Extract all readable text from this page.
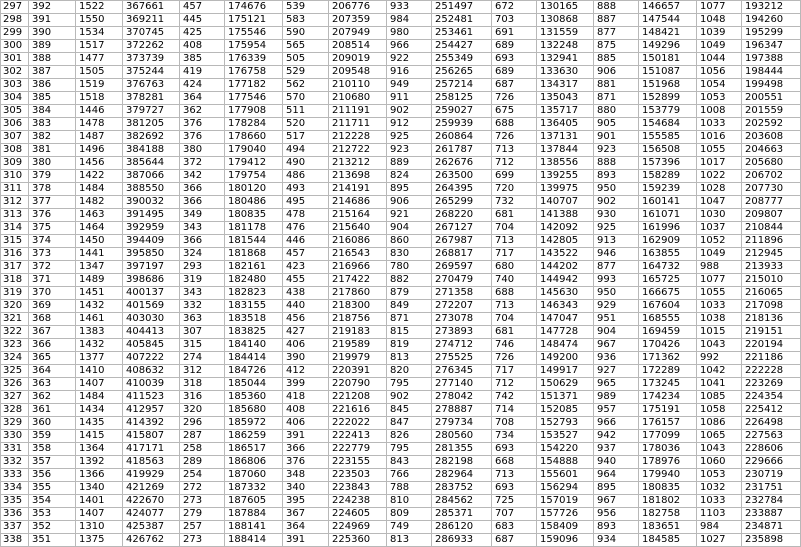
297	392	1522	367661	457	174676	539	206776	933	251497	672	130165	888	146657	1077	193212
298	391	1550	369211	445	175121	583	207359	984	252481	703	130868	887	147544	1048	194260
299	390	1534	370745	425	175546	590	207949	980	253461	691	131559	877	148421	1039	195299
300	389	1517	372262	408	175954	565	208514	966	254427	689	132248	875	149296	1049	196347
301	388	1477	373739	385	176339	505	209019	922	255349	693	132941	885	150181	1044	197388
302	387	1505	375244	419	176758	529	209548	916	256265	689	133630	906	151087	1056	198444
303	386	1519	376763	424	177182	562	210110	949	257214	687	134317	881	151968	1054	199498
304	385	1518	378281	364	177546	570	210680	911	258125	726	135043	871	152899	1053	200551
305	384	1446	379727	362	177908	511	211191	902	259027	675	135717	880	153779	1008	201559
306	383	1478	381205	376	178284	520	211711	912	259939	688	136405	905	154684	1033	202592
307	382	1487	382692	376	178660	517	212228	925	260864	726	137131	901	155585	1016	203608
308	381	1496	384188	380	179040	494	212722	923	261787	713	137844	923	156508	1055	204663
309	380	1456	385644	372	179412	490	213212	889	262676	712	138556	888	157396	1017	205680
310	379	1422	387066	342	179754	486	213698	824	263500	699	139255	893	158289	1022	206702
311	378	1484	388550	366	180120	493	214191	895	264395	720	139975	950	159239	1028	207730
312	377	1482	390032	366	180486	495	214686	906	265299	732	140707	902	160141	1047	208777
313	376	1463	391495	349	180835	478	215164	921	268220	681	141388	930	161071	1030	209807
314	375	1464	392959	343	181178	476	215640	904	267127	704	142092	925	161996	1037	210844
315	374	1450	394409	366	181544	446	216086	860	267987	713	142805	913	162909	1052	211896
316	373	1441	395850	324	181868	457	216543	830	268817	717	143522	946	163855	1049	212945
317	372	1347	397197	293	182161	423	216966	780	269597	680	144202	877	164732	988	213933
318	371	1489	398686	319	182480	455	217422	882	270479	740	144942	993	165725	1077	215010
319	370	1451	400137	343	182823	438	217860	879	271358	688	145630	950	166675	1055	216065
320	369	1432	401569	332	183155	440	218300	849	272207	713	146343	929	167604	1033	217098
321	368	1461	403030	363	183518	456	218756	871	273078	704	147047	951	168555	1038	218136
322	367	1383	404413	307	183825	427	219183	815	273893	681	147728	904	169459	1015	219151
323	366	1432	405845	315	184140	406	219589	819	274712	746	148474	967	170426	1043	220194
324	365	1377	407222	274	184414	390	219979	813	275525	726	149200	936	171362	992	221186
325	364	1410	408632	312	184726	412	220391	820	276345	717	149917	927	172289	1042	222228
326	363	1407	410039	318	185044	399	220790	795	277140	712	150629	965	173245	1041	223269
327	362	1484	411523	316	185360	418	221208	902	278042	742	151371	989	174234	1085	224354
328	361	1434	412957	320	185680	408	221616	845	278887	714	152085	957	175191	1058	225412
329	360	1435	414392	296	185972	406	222022	847	279734	708	152793	966	176157	1086	226498
330	359	1415	415807	287	186259	391	222413	826	280560	734	153527	942	177099	1065	227563
331	358	1364	417171	258	186517	366	222779	795	281355	693	154220	937	178036	1043	228606
332	357	1392	418563	289	186806	376	223155	843	282198	668	154888	940	178976	1060	229666
333	356	1366	419929	254	187060	348	223503	766	282964	713	155601	964	179940	1053	230719
334	355	1340	421269	272	187332	340	223843	788	283752	693	156294	895	180835	1032	231751
335	354	1401	422670	273	187605	395	224238	810	284562	725	157019	967	181802	1033	232784
336	353	1407	424077	279	187884	367	224605	809	285371	707	157726	956	182758	1103	233887
337	352	1310	425387	257	188141	364	224969	749	286120	683	158409	893	183651	984	234871
338	351	1375	426762	273	188414	391	225360	813	286933	687	159096	934	184585	1027	235898
